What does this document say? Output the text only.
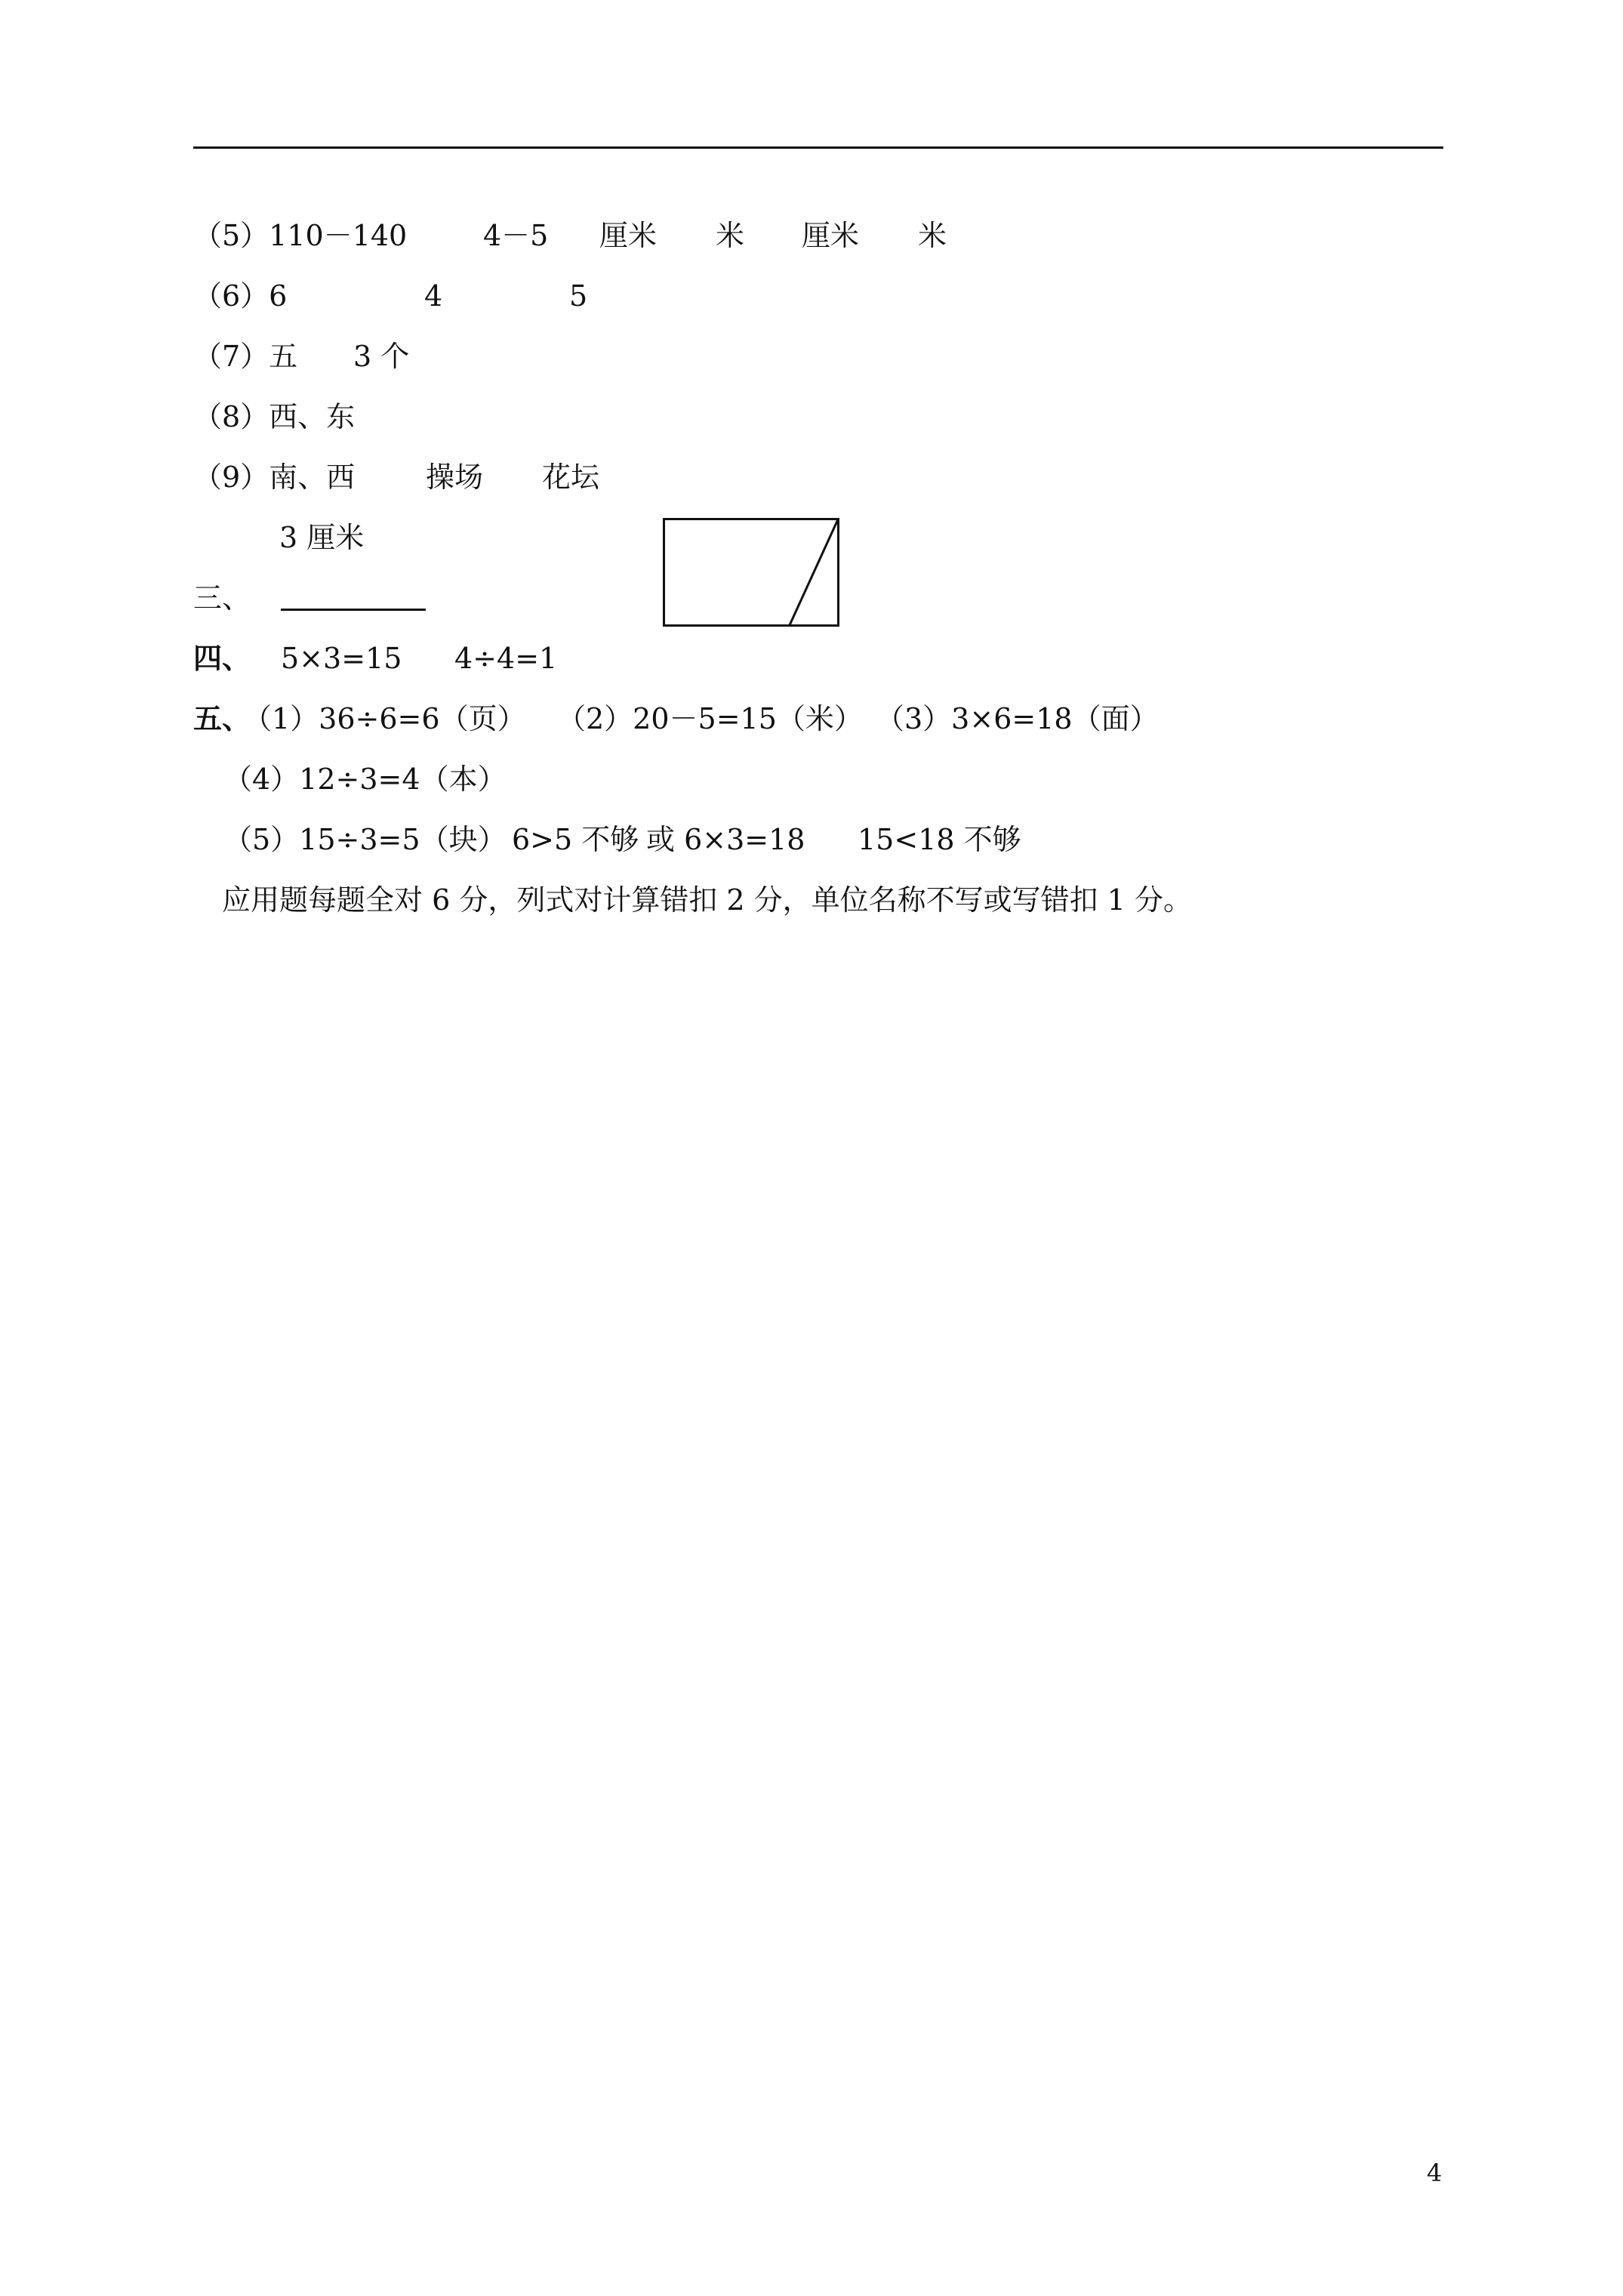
（5）110－140	4－5 厘米 米 厘米 米
（6）6	4	5
（7）五 3 个
（8）西、东
（9）南、西 操场 花坛
3 厘米
三、
四、 5×3=15 4÷4=1
五、
（1）36÷6=6（页） （2）20－5=15（米） （3）3×6=18（面）
（4）12÷3=4（本）
（5）15÷3=5（块） 6>5 不够 或 6×3=18 15<18 不够
应用题每题全对 6 分，列式对计算错扣 2 分，单位名称不写或写错扣 1 分。
4
